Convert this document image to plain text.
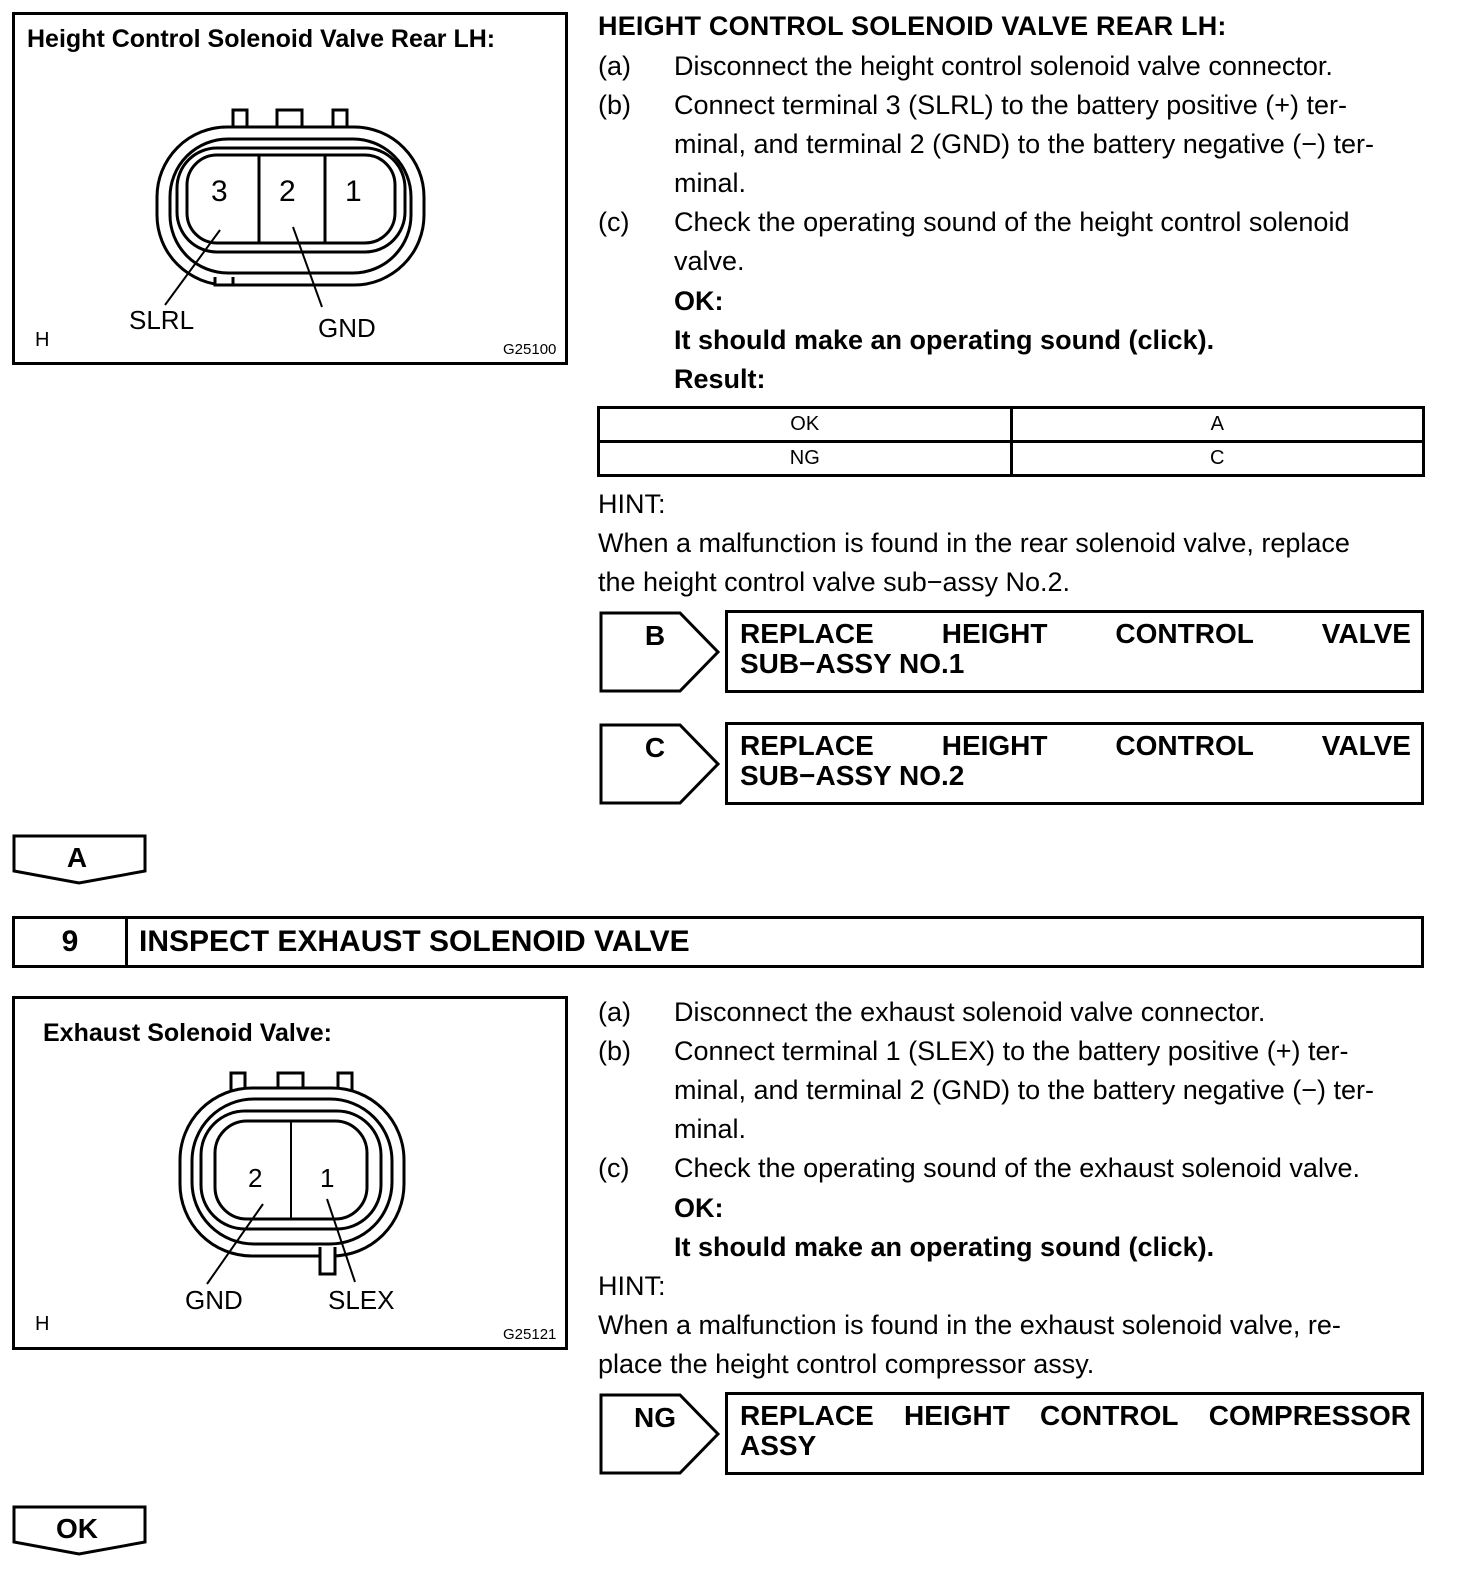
Height Control Solenoid Valve Rear LH:
3 2 1
SLRL	GND
H	G25100
HEIGHT CONTROL SOLENOID VALVE REAR LH:
(a) Disconnect the height control solenoid valve connector.
(b) Connect terminal 3 (SLRL) to the battery positive (+) ter-
minal, and terminal 2 (GND) to the battery negative (−) ter-
minal.
(c) Check the operating sound of the height control solenoid
valve.
OK:
It should make an operating sound (click).
Result:
OK	A
NG	C
HINT:
When a malfunction is found in the rear solenoid valve, replace
the height control valve sub−assy No.2.
B	REPLACE HEIGHT CONTROL VALVE
SUB−ASSY NO.1
C	REPLACE HEIGHT CONTROL VALVE
SUB−ASSY NO.2
A
9	INSPECT EXHAUST SOLENOID VALVE
Exhaust Solenoid Valve:
2 1
GND	SLEX
H	G25121
(a) Disconnect the exhaust solenoid valve connector.
(b) Connect terminal 1 (SLEX) to the battery positive (+) ter-
minal, and terminal 2 (GND) to the battery negative (−) ter-
minal.
(c) Check the operating sound of the exhaust solenoid valve.
OK:
It should make an operating sound (click).
HINT:
When a malfunction is found in the exhaust solenoid valve, re-
place the height control compressor assy.
NG	REPLACE HEIGHT CONTROL COMPRESSOR
ASSY
OK
